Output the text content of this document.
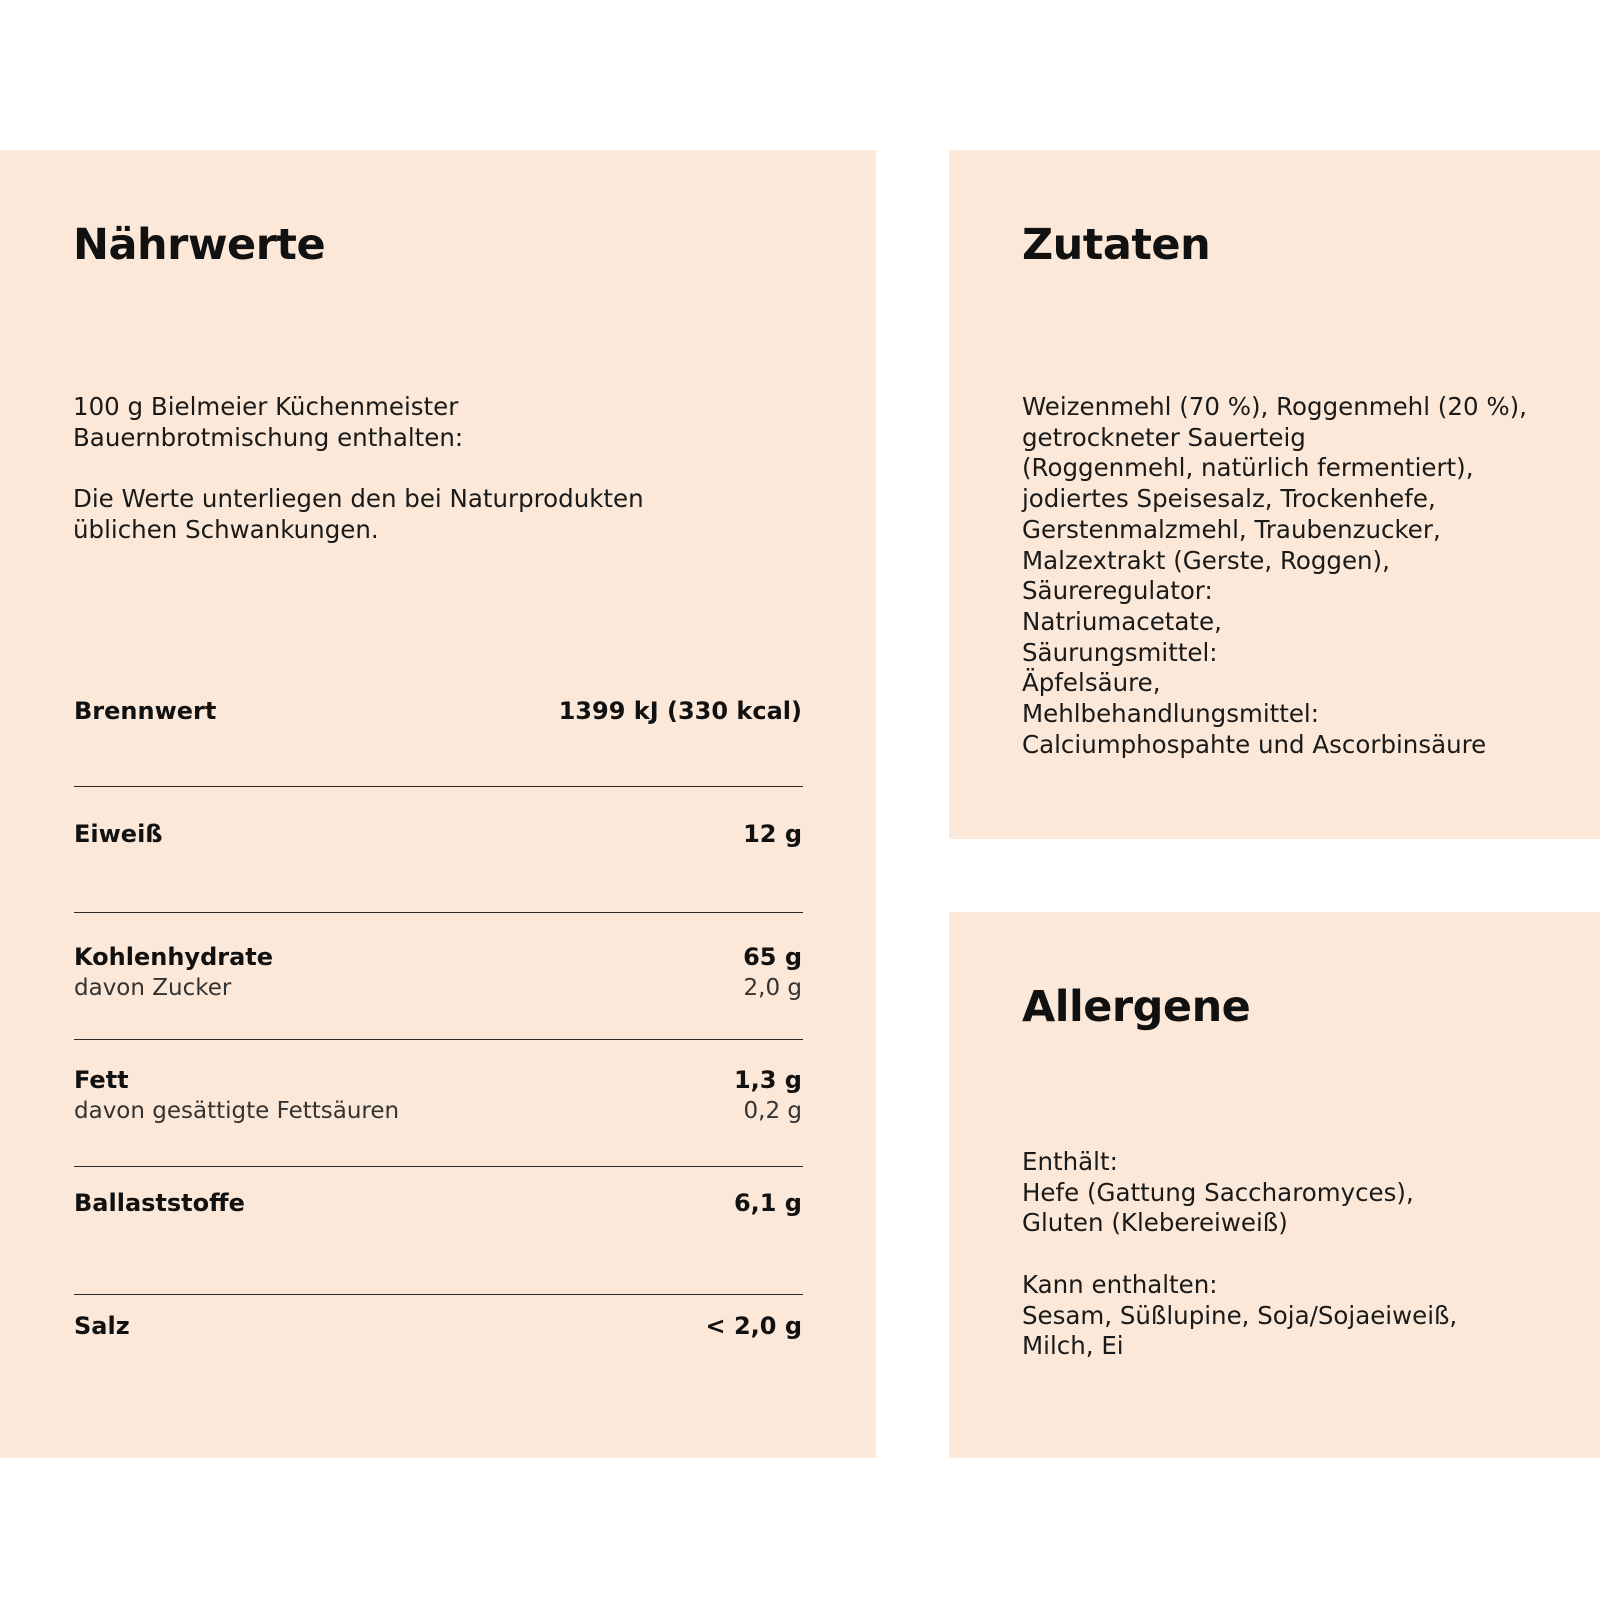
Nährwerte
100 g Bielmeier Küchenmeister
Bauernbrotmischung enthalten:
Die Werte unterliegen den bei Naturprodukten
üblichen Schwankungen.
Brennwert	1399 kJ (330 kcal)
Eiweiß	12 g
Kohlenhydrate	65 g
davon Zucker	2,0 g
Fett	1,3 g
davon gesättigte Fettsäuren	0,2 g
Ballaststoffe	6,1 g
Salz	< 2,0 g
Zutaten
Weizenmehl (70 %), Roggenmehl (20 %),
getrockneter Sauerteig
(Roggenmehl, natürlich fermentiert),
jodiertes Speisesalz, Trockenhefe,
Gerstenmalzmehl, Traubenzucker,
Malzextrakt (Gerste, Roggen),
Säureregulator:
Natriumacetate,
Säurungsmittel:
Äpfelsäure,
Mehlbehandlungsmittel:
Calciumphospahte und Ascorbinsäure
Allergene
Enthält:
Hefe (Gattung Saccharomyces),
Gluten (Klebereiweiß)
Kann enthalten:
Sesam, Süßlupine, Soja/Sojaeiweiß,
Milch, Ei
